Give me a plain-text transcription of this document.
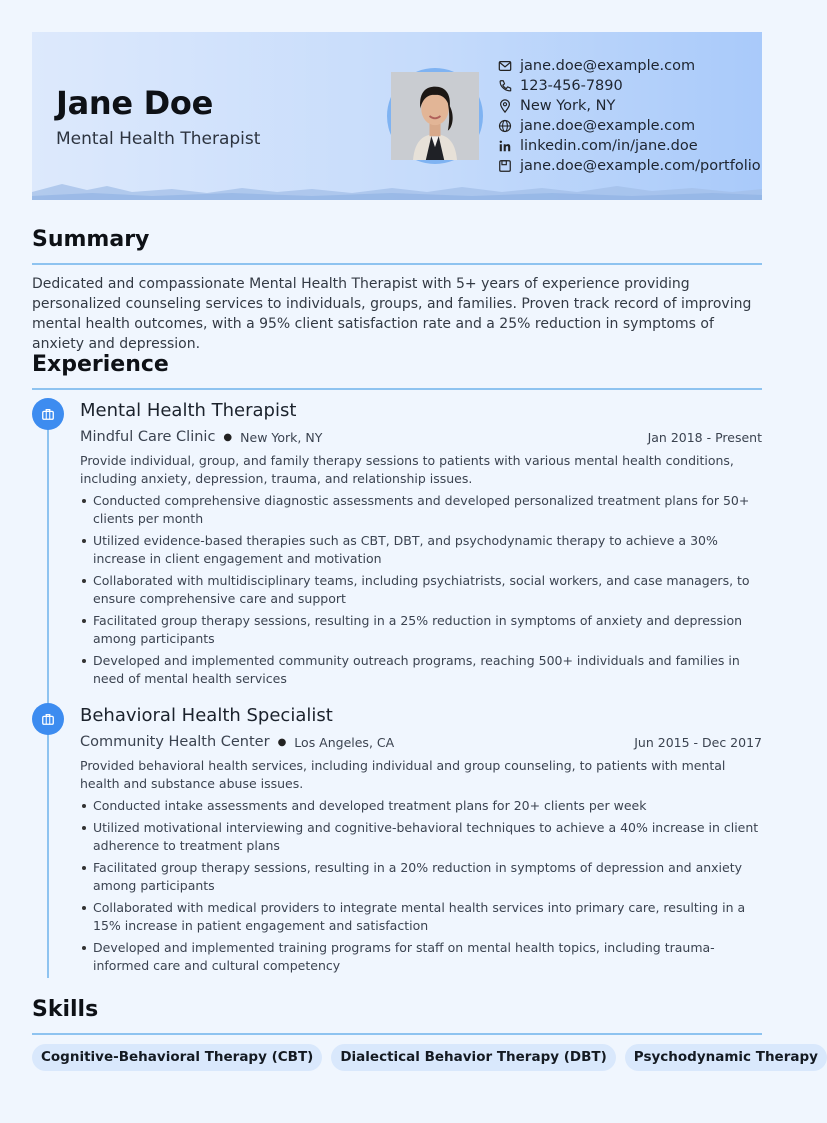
Jane Doe
Mental Health Therapist
jane.doe@example.com
123-456-7890
New York, NY
jane.doe@example.com
linkedin.com/in/jane.doe
jane.doe@example.com/portfolio
Summary
Dedicated and compassionate Mental Health Therapist with 5+ years of experience providing personalized counseling services to individuals, groups, and families. Proven track record of improving mental health outcomes, with a 95% client satisfaction rate and a 25% reduction in symptoms of anxiety and depression.
Experience
Mental Health Therapist
Mindful Care Clinic ● New York, NY	Jan 2018 - Present
Provide individual, group, and family therapy sessions to patients with various mental health conditions, including anxiety, depression, trauma, and relationship issues.
Conducted comprehensive diagnostic assessments and developed personalized treatment plans for 50+ clients per month
Utilized evidence-based therapies such as CBT, DBT, and psychodynamic therapy to achieve a 30% increase in client engagement and motivation
Collaborated with multidisciplinary teams, including psychiatrists, social workers, and case managers, to ensure comprehensive care and support
Facilitated group therapy sessions, resulting in a 25% reduction in symptoms of anxiety and depression among participants
Developed and implemented community outreach programs, reaching 500+ individuals and families in need of mental health services
Behavioral Health Specialist
Community Health Center ● Los Angeles, CA	Jun 2015 - Dec 2017
Provided behavioral health services, including individual and group counseling, to patients with mental health and substance abuse issues.
Conducted intake assessments and developed treatment plans for 20+ clients per week
Utilized motivational interviewing and cognitive-behavioral techniques to achieve a 40% increase in client adherence to treatment plans
Facilitated group therapy sessions, resulting in a 20% reduction in symptoms of depression and anxiety among participants
Collaborated with medical providers to integrate mental health services into primary care, resulting in a 15% increase in patient engagement and satisfaction
Developed and implemented training programs for staff on mental health topics, including trauma-informed care and cultural competency
Skills
Cognitive-Behavioral Therapy (CBT)	Dialectical Behavior Therapy (DBT)	Psychodynamic Therapy
